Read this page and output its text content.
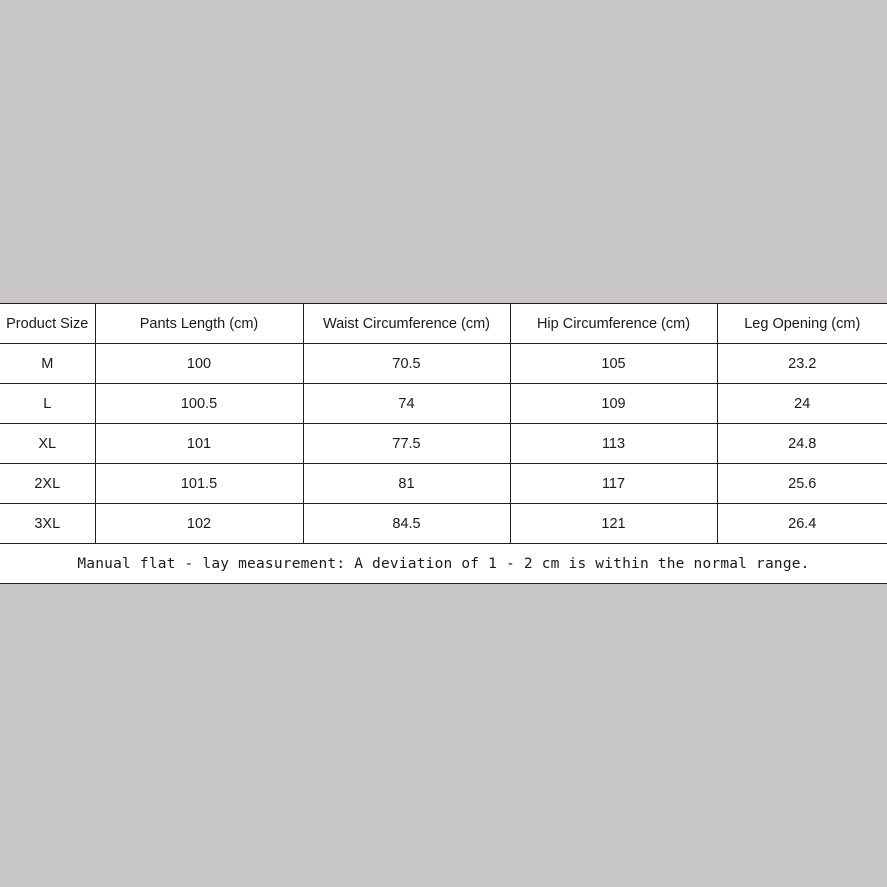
Product Size	Pants Length (cm)	Waist Circumference (cm)	Hip Circumference (cm)	Leg Opening (cm)
M	100	70.5	105	23.2
L	100.5	74	109	24
XL	101	77.5	113	24.8
2XL	101.5	81	117	25.6
3XL	102	84.5	121	26.4
Manual flat - lay measurement: A deviation of 1 - 2 cm is within the normal range.				
